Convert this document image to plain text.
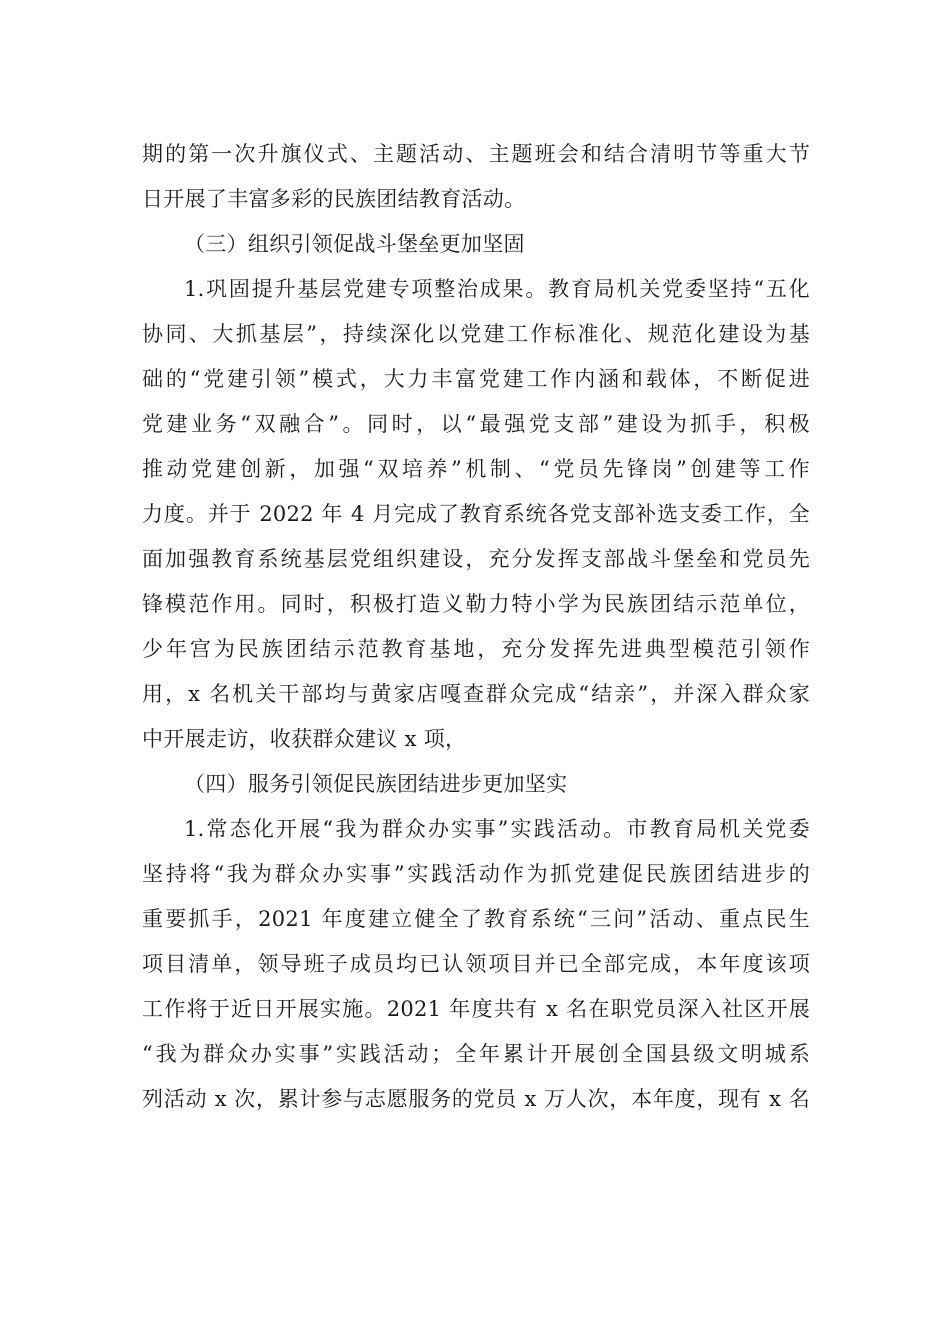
期的第一次升旗仪式、主题活动、主题班会和结合清明节等重大节
日开展了丰富多彩的民族团结教育活动。
（三）组织引领促战斗堡垒更加坚固
1.巩固提升基层党建专项整治成果。教育局机关党委坚持“五化
协同、大抓基层”，持续深化以党建工作标准化、规范化建设为基
础的“党建引领”模式，大力丰富党建工作内涵和载体，不断促进
党建业务“双融合”。同时，以“最强党支部”建设为抓手，积极
推动党建创新，加强“双培养”机制、“党员先锋岗”创建等工作
力度。并于 2022 年 4 月完成了教育系统各党支部补选支委工作，全
面加强教育系统基层党组织建设，充分发挥支部战斗堡垒和党员先
锋模范作用。同时，积极打造义勒力特小学为民族团结示范单位，
少年宫为民族团结示范教育基地，充分发挥先进典型模范引领作
用，x 名机关干部均与黄家店嘎查群众完成“结亲”，并深入群众家
中开展走访，收获群众建议 x 项，
（四）服务引领促民族团结进步更加坚实
1.常态化开展“我为群众办实事”实践活动。市教育局机关党委
坚持将“我为群众办实事”实践活动作为抓党建促民族团结进步的
重要抓手，2021 年度建立健全了教育系统“三问”活动、重点民生
项目清单，领导班子成员均已认领项目并已全部完成，本年度该项
工作将于近日开展实施。2021 年度共有 x 名在职党员深入社区开展
“我为群众办实事”实践活动；全年累计开展创全国县级文明城系
列活动 x 次，累计参与志愿服务的党员 x 万人次，本年度，现有 x 名
